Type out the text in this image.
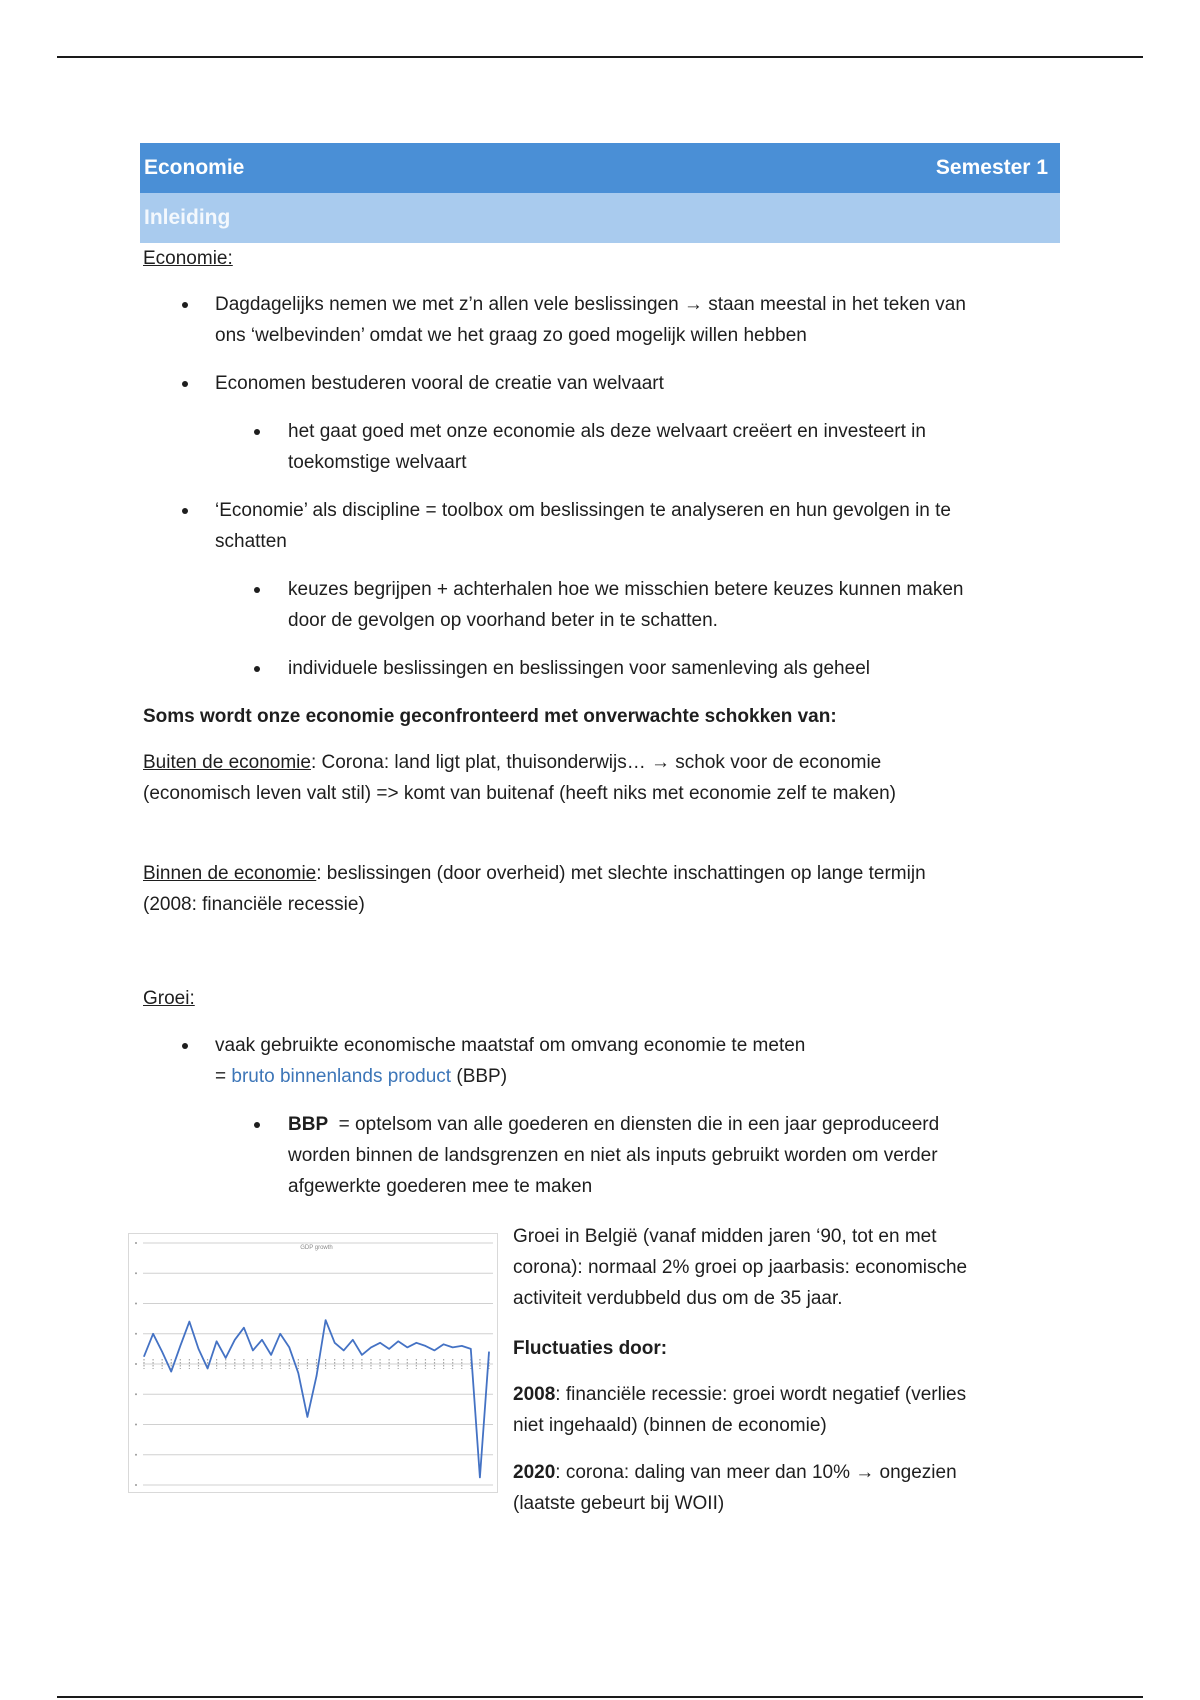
Economie	Semester 1
Inleiding
Economie:
Dagdagelijks nemen we met z’n allen vele beslissingen → staan meestal in het teken van
ons ‘welbevinden’ omdat we het graag zo goed mogelijk willen hebben
Economen bestuderen vooral de creatie van welvaart
het gaat goed met onze economie als deze welvaart creëert en investeert in
toekomstige welvaart
‘Economie’ als discipline = toolbox om beslissingen te analyseren en hun gevolgen in te
schatten
keuzes begrijpen + achterhalen hoe we misschien betere keuzes kunnen maken
door de gevolgen op voorhand beter in te schatten.
individuele beslissingen en beslissingen voor samenleving als geheel
Soms wordt onze economie geconfronteerd met onverwachte schokken van:
Buiten de economie: Corona: land ligt plat, thuisonderwijs… → schok voor de economie
(economisch leven valt stil) => komt van buitenaf (heeft niks met economie zelf te maken)
Binnen de economie: beslissingen (door overheid) met slechte inschattingen op lange termijn
(2008: financiële recessie)
Groei:
vaak gebruikte economische maatstaf om omvang economie te meten
= bruto binnenlands product (BBP)
BBP  = optelsom van alle goederen en diensten die in een jaar geproduceerd
worden binnen de landsgrenzen en niet als inputs gebruikt worden om verder
afgewerkte goederen mee te maken
GDP growth
Groei in België (vanaf midden jaren ‘90, tot en met
corona): normaal 2% groei op jaarbasis: economische
activiteit verdubbeld dus om de 35 jaar.
Fluctuaties door:
2008: financiële recessie: groei wordt negatief (verlies
niet ingehaald) (binnen de economie)
2020: corona: daling van meer dan 10% → ongezien
(laatste gebeurt bij WOII)
